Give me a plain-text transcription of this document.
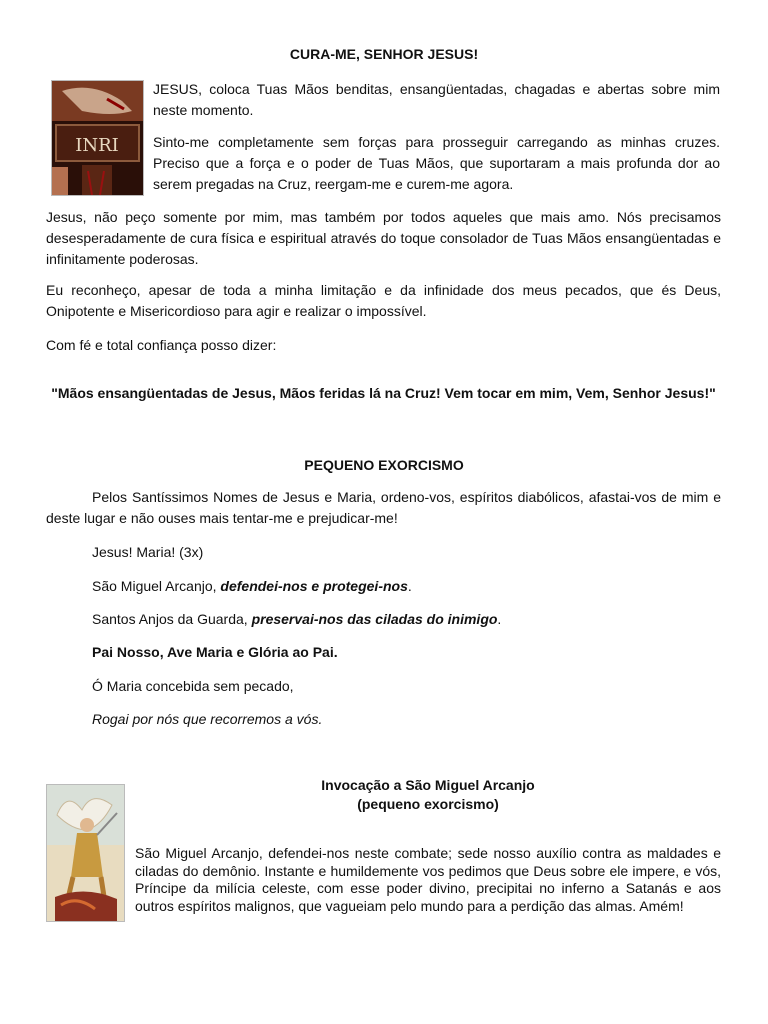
CURA-ME, SENHOR JESUS!
INRI

JESUS, coloca Tuas Mãos benditas, ensangüentadas, chagadas e abertas sobre mim neste momento.

Sinto-me completamente sem forças para prosseguir carregando as minhas cruzes. Preciso que a força e o poder de Tuas Mãos, que suportaram a mais profunda dor ao serem pregadas na Cruz, reergam-me e curem-me agora.

Jesus, não peço somente por mim, mas também por todos aqueles que mais amo. Nós precisamos desesperadamente de cura física e espiritual através do toque consolador de Tuas Mãos ensangüentadas e infinitamente poderosas.

Eu reconheço, apesar de toda a minha limitação e da infinidade dos meus pecados, que és Deus, Onipotente e Misericordioso para agir e realizar o impossível.

Com fé e total confiança posso dizer:

"Mãos ensangüentadas de Jesus, Mãos feridas lá na Cruz! Vem tocar em mim, Vem, Senhor Jesus!"

PEQUENO EXORCISMO

Pelos Santíssimos Nomes de Jesus e Maria, ordeno-vos, espíritos diabólicos, afastai-vos de mim e deste lugar e não ouses mais tentar-me e prejudicar-me!

Jesus! Maria! (3x)
São Miguel Arcanjo, defendei-nos e protegei-nos.
Santos Anjos da Guarda, preservai-nos das ciladas do inimigo.
Pai Nosso, Ave Maria e Glória ao Pai.
Ó Maria concebida sem pecado,
Rogai por nós que recorremos a vós.
Invocação a São Miguel Arcanjo
(pequeno exorcismo)

São Miguel Arcanjo, defendei-nos neste combate; sede nosso auxílio contra as maldades e ciladas do demônio. Instante e humildemente vos pedimos que Deus sobre ele impere, e vós, Príncipe da milícia celeste, com esse poder divino, precipitai no inferno a Satanás e aos outros espíritos malignos, que vagueiam pelo mundo para a perdição das almas. Amém!
